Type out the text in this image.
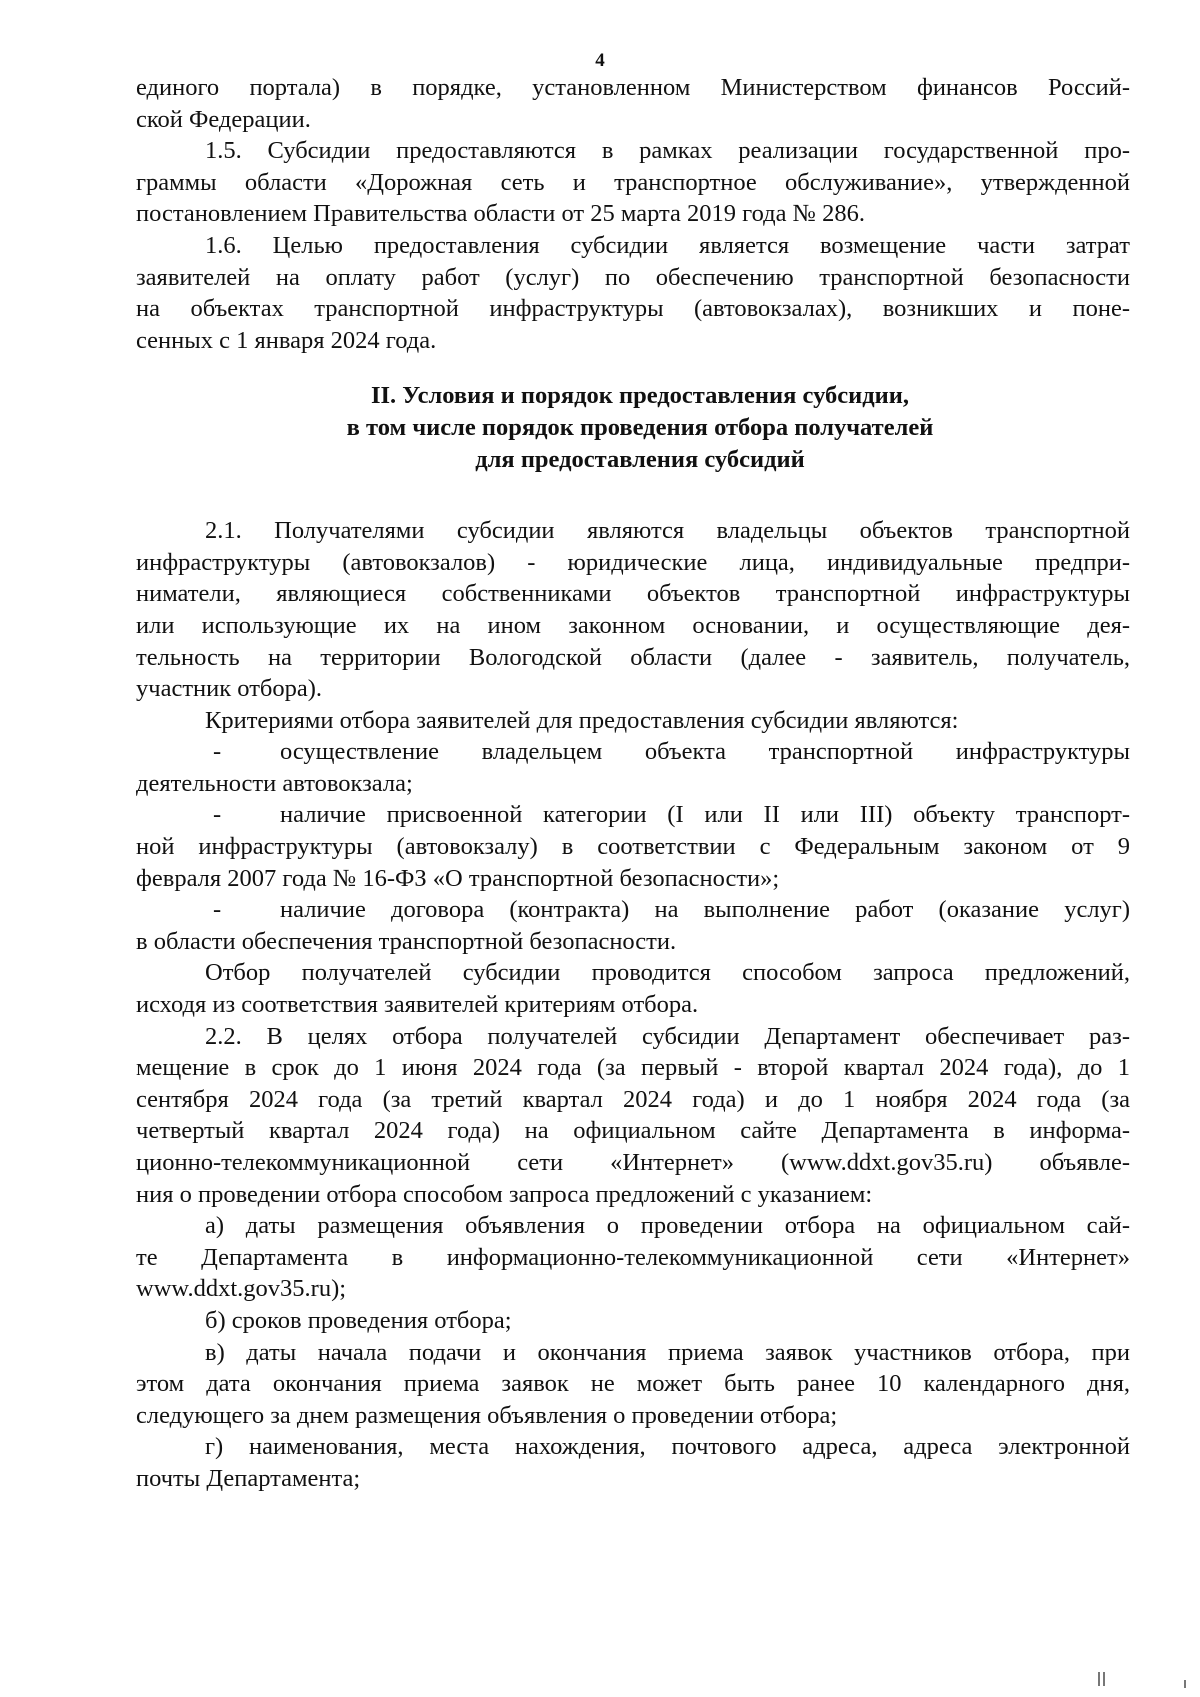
4
единого портала) в порядке, установленном Министерством финансов Россий-
ской Федерации.
1.5. Субсидии предоставляются в рамках реализации государственной про-
граммы области «Дорожная сеть и транспортное обслуживание», утвержденной
постановлением Правительства области от 25 марта 2019 года № 286.
1.6. Целью предоставления субсидии является возмещение части затрат
заявителей на оплату работ (услуг) по обеспечению транспортной безопасности
на объектах транспортной инфраструктуры (автовокзалах), возникших и поне-
сенных с 1 января 2024 года.
II. Условия и порядок предоставления субсидии,
в том числе порядок проведения отбора получателей
для предоставления субсидий
2.1. Получателями субсидии являются владельцы объектов транспортной
инфраструктуры (автовокзалов) - юридические лица, индивидуальные предпри-
ниматели, являющиеся собственниками объектов транспортной инфраструктуры
или использующие их на ином законном основании, и осуществляющие дея-
тельность на территории Вологодской области (далее - заявитель, получатель,
участник отбора).
Критериями отбора заявителей для предоставления субсидии являются:
-	осуществление владельцем объекта транспортной инфраструктуры
деятельности автовокзала;
-	наличие присвоенной категории (I или II или III) объекту транспорт-
ной инфраструктуры (автовокзалу) в соответствии с Федеральным законом от 9
февраля 2007 года № 16-ФЗ «О транспортной безопасности»;
-	наличие договора (контракта) на выполнение работ (оказание услуг)
в области обеспечения транспортной безопасности.
Отбор получателей субсидии проводится способом запроса предложений,
исходя из соответствия заявителей критериям отбора.
2.2. В целях отбора получателей субсидии Департамент обеспечивает раз-
мещение в срок до 1 июня 2024 года (за первый - второй квартал 2024 года), до 1
сентября 2024 года (за третий квартал 2024 года) и до 1 ноября 2024 года (за
четвертый квартал 2024 года) на официальном сайте Департамента в информа-
ционно-телекоммуникационной сети «Интернет» (www.ddxt.gov35.ru) объявле-
ния о проведении отбора способом запроса предложений с указанием:
а) даты размещения объявления о проведении отбора на официальном сай-
те Департамента в информационно-телекоммуникационной сети «Интернет»
www.ddxt.gov35.ru);
б) сроков проведения отбора;
в) даты начала подачи и окончания приема заявок участников отбора, при
этом дата окончания приема заявок не может быть ранее 10 календарного дня,
следующего за днем размещения объявления о проведении отбора;
г) наименования, места нахождения, почтового адреса, адреса электронной
почты Департамента;
